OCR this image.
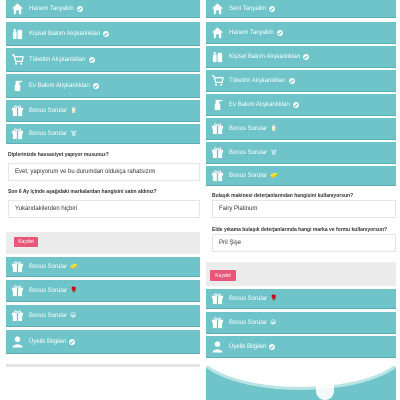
Hanem Tanyalim
Kişisel Bakım Alışkanlıkları
Tüketim Alışkanlıkları
Ev Bakım Alışkanlıkları
Bonus Sorular 🥛
Bonus Sorular 👕
Diplerinizde hassasiyet yapıyor musunuz?
Evet, yapıyorum ve bu durumdan oldukça rahatsızım
Son 6 Ay içinde aşağıdaki markalardan hangisini satın aldınız?
Yukarıdakilerden hiçbiri
Kaydet
Bonus Sorular 🧽
Bonus Sorular 🌹
Bonus Sorular 😁
Üyelik Bilgileri
Seni Tanyalim
Hanem Tanyalim
Kişisel Bakım Alışkanlıkları
Tüketim Alışkanlıkları
Ev Bakım Alışkanlıkları
Bonus Sorular 🥛
Bonus Sorular 👕
Bonus Sorular 🧽
Bulaşık makinesi deterjanlarından hangisini kullanıyorsun?
Fairy Platinum
Elde yıkama bulaşık deterjanlarında hangi marka ve formu kullanıyorsun?
Pril Şişe
Kaydet
Bonus Sorular 🌹
Bonus Sorular 😁
Üyelik Bilgileri
